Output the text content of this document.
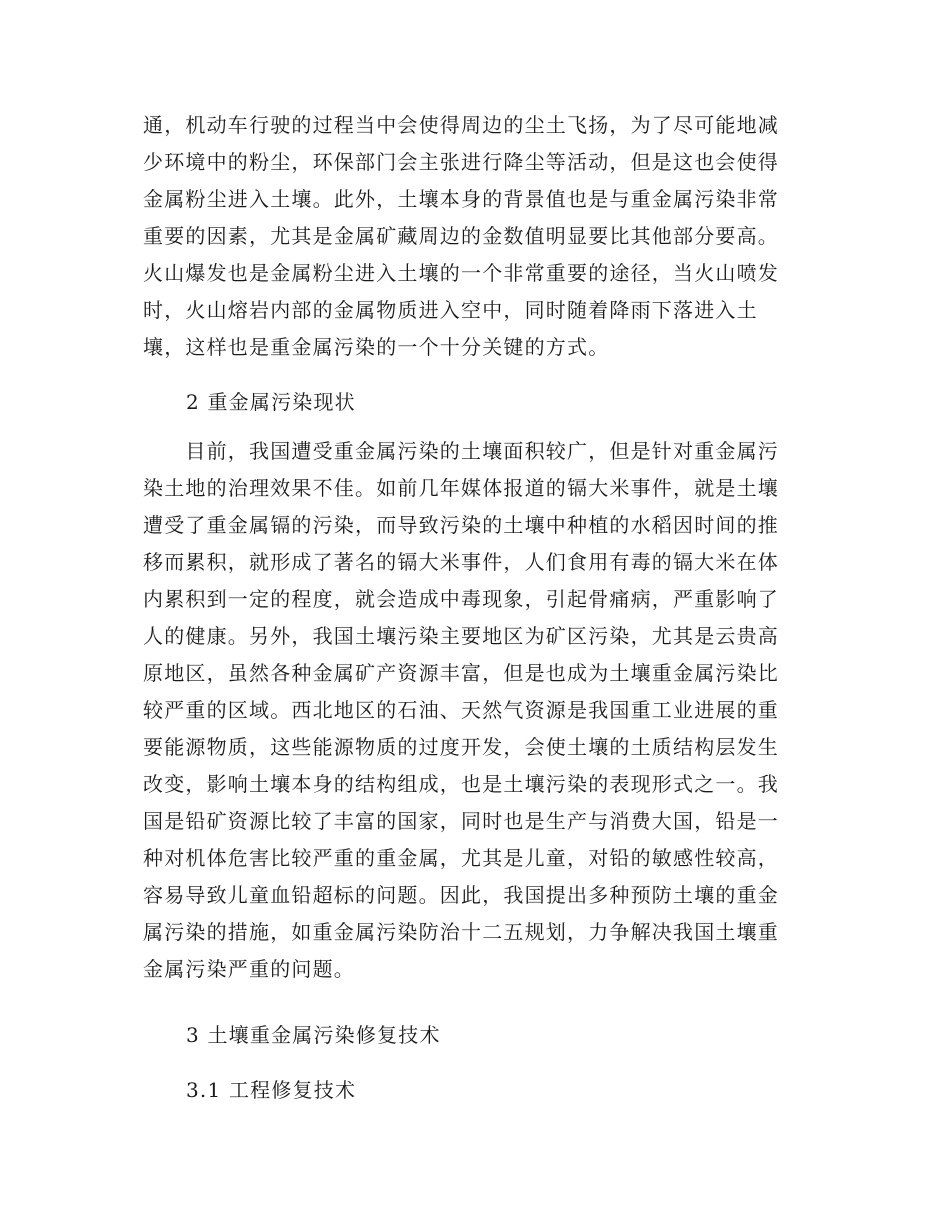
通，机动车行驶的过程当中会使得周边的尘土飞扬，为了尽可能地减
少环境中的粉尘，环保部门会主张进行降尘等活动，但是这也会使得
金属粉尘进入土壤。此外，土壤本身的背景值也是与重金属污染非常
重要的因素，尤其是金属矿藏周边的金数值明显要比其他部分要高。
火山爆发也是金属粉尘进入土壤的一个非常重要的途径，当火山喷发
时，火山熔岩内部的金属物质进入空中，同时随着降雨下落进入土
壤，这样也是重金属污染的一个十分关键的方式。
2 重金属污染现状
　　目前，我国遭受重金属污染的土壤面积较广，但是针对重金属污
染土地的治理效果不佳。如前几年媒体报道的镉大米事件，就是土壤
遭受了重金属镉的污染，而导致污染的土壤中种植的水稻因时间的推
移而累积，就形成了著名的镉大米事件，人们食用有毒的镉大米在体
内累积到一定的程度，就会造成中毒现象，引起骨痛病，严重影响了
人的健康。另外，我国土壤污染主要地区为矿区污染，尤其是云贵高
原地区，虽然各种金属矿产资源丰富，但是也成为土壤重金属污染比
较严重的区域。西北地区的石油、天然气资源是我国重工业进展的重
要能源物质，这些能源物质的过度开发，会使土壤的土质结构层发生
改变，影响土壤本身的结构组成，也是土壤污染的表现形式之一。我
国是铅矿资源比较了丰富的国家，同时也是生产与消费大国，铅是一
种对机体危害比较严重的重金属，尤其是儿童，对铅的敏感性较高，
容易导致儿童血铅超标的问题。因此，我国提出多种预防土壤的重金
属污染的措施，如重金属污染防治十二五规划，力争解决我国土壤重
金属污染严重的问题。
3 土壤重金属污染修复技术
3.1 工程修复技术
